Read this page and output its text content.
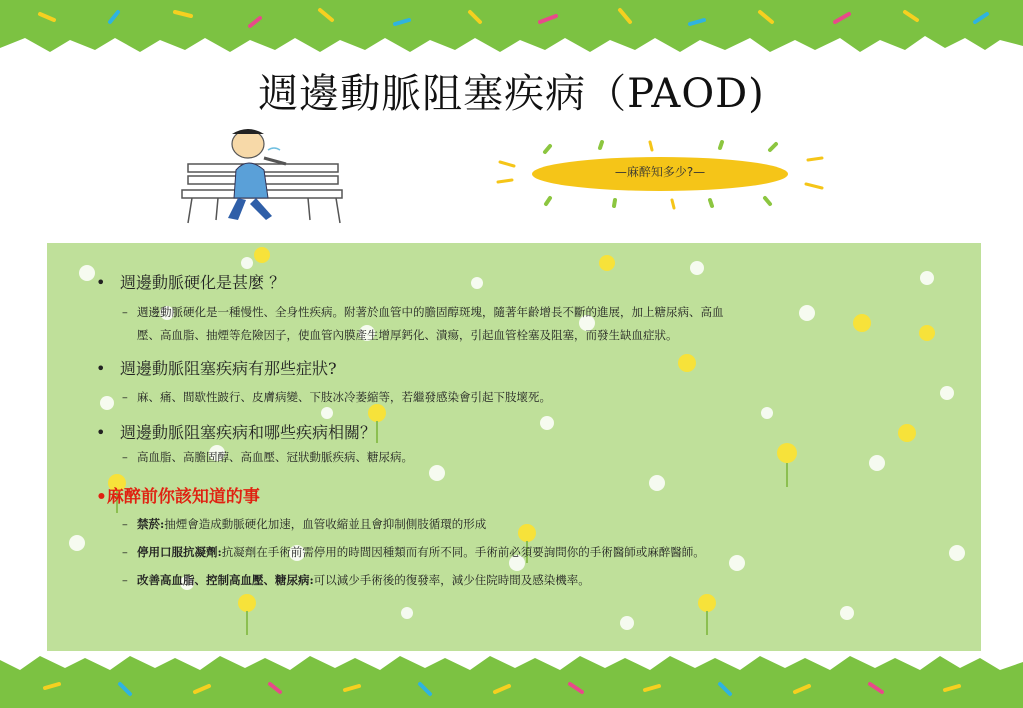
週邊動脈阻塞疾病（PAOD)
—麻醉知多少?—
• 週邊動脈硬化是甚麼 ？
– 週邊動脈硬化是一種慢性、全身性疾病。附著於血管中的膽固醇斑塊，隨著年齡增長不斷的進展，加上糖尿病、高血
壓、高血脂、抽煙等危險因子，使血管內膜產生增厚鈣化、潰瘍，引起血管栓塞及阻塞，而發生缺血症狀。
• 週邊動脈阻塞疾病有那些症狀?
– 麻、痛、間歇性跛行、皮膚病變、下肢冰冷萎縮等，若繼發感染會引起下肢壞死。
• 週邊動脈阻塞疾病和哪些疾病相關？
– 高血脂、高膽固醇、高血壓、冠狀動脈疾病、糖尿病。
•麻醉前你該知道的事
– 禁菸:抽煙會造成動脈硬化加速，血管收縮並且會抑制側肢循環的形成
– 停用口服抗凝劑:抗凝劑在手術前需停用的時間因種類而有所不同。手術前必須要詢問你的手術醫師或麻醉醫師。
– 改善高血脂、控制高血壓、糖尿病:可以減少手術後的復發率，減少住院時間及感染機率。
